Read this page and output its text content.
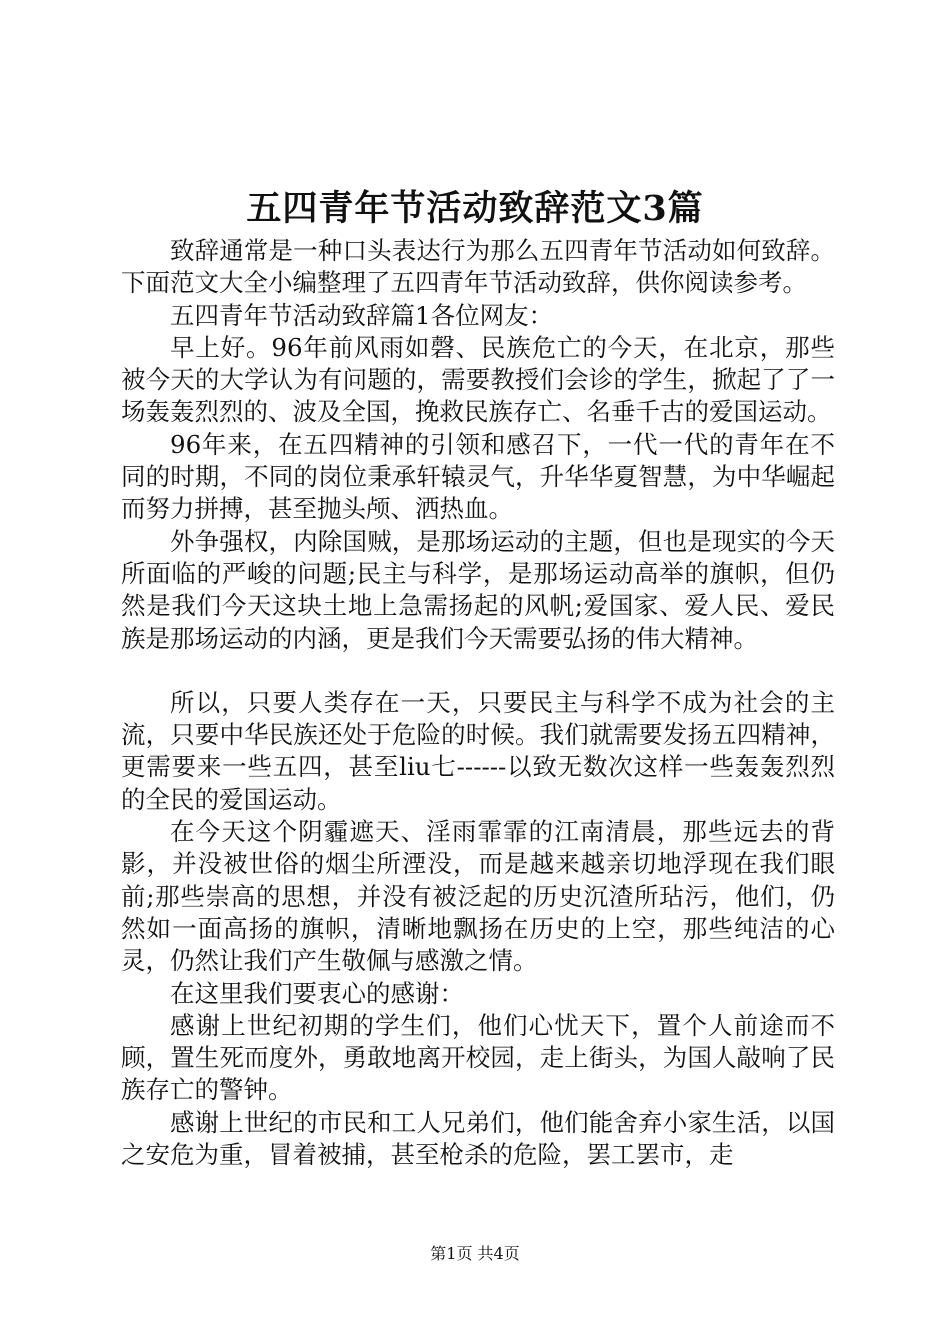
五四青年节活动致辞范文3篇

致辞通常是一种口头表达行为那么五四青年节活动如何致辞。下面范文大全小编整理了五四青年节活动致辞，供你阅读参考。

五四青年节活动致辞篇1各位网友：

早上好。96年前风雨如磬、民族危亡的今天，在北京，那些被今天的大学认为有问题的，需要教授们会诊的学生，掀起了了一场轰轰烈烈的、波及全国，挽救民族存亡、名垂千古的爱国运动。

96年来，在五四精神的引领和感召下，一代一代的青年在不同的时期，不同的岗位秉承轩辕灵气，升华华夏智慧，为中华崛起而努力拼搏，甚至抛头颅、洒热血。

外争强权，内除国贼，是那场运动的主题，但也是现实的今天所面临的严峻的问题;民主与科学，是那场运动高举的旗帜，但仍然是我们今天这块土地上急需扬起的风帆;爱国家、爱人民、爱民族是那场运动的内涵，更是我们今天需要弘扬的伟大精神。

所以，只要人类存在一天，只要民主与科学不成为社会的主流，只要中华民族还处于危险的时候。我们就需要发扬五四精神，更需要来一些五四，甚至liu七------以致无数次这样一些轰轰烈烈的全民的爱国运动。

在今天这个阴霾遮天、淫雨霏霏的江南清晨，那些远去的背影，并没被世俗的烟尘所湮没，而是越来越亲切地浮现在我们眼前;那些崇高的思想，并没有被泛起的历史沉渣所玷污，他们，仍然如一面高扬的旗帜，清晰地飘扬在历史的上空，那些纯洁的心灵，仍然让我们产生敬佩与感激之情。

在这里我们要衷心的感谢：

感谢上世纪初期的学生们，他们心忧天下，置个人前途而不顾，置生死而度外，勇敢地离开校园，走上街头，为国人敲响了民族存亡的警钟。

感谢上世纪的市民和工人兄弟们，他们能舍弃小家生活，以国之安危为重，冒着被捕，甚至枪杀的危险，罢工罢市，走

第1页 共4页
